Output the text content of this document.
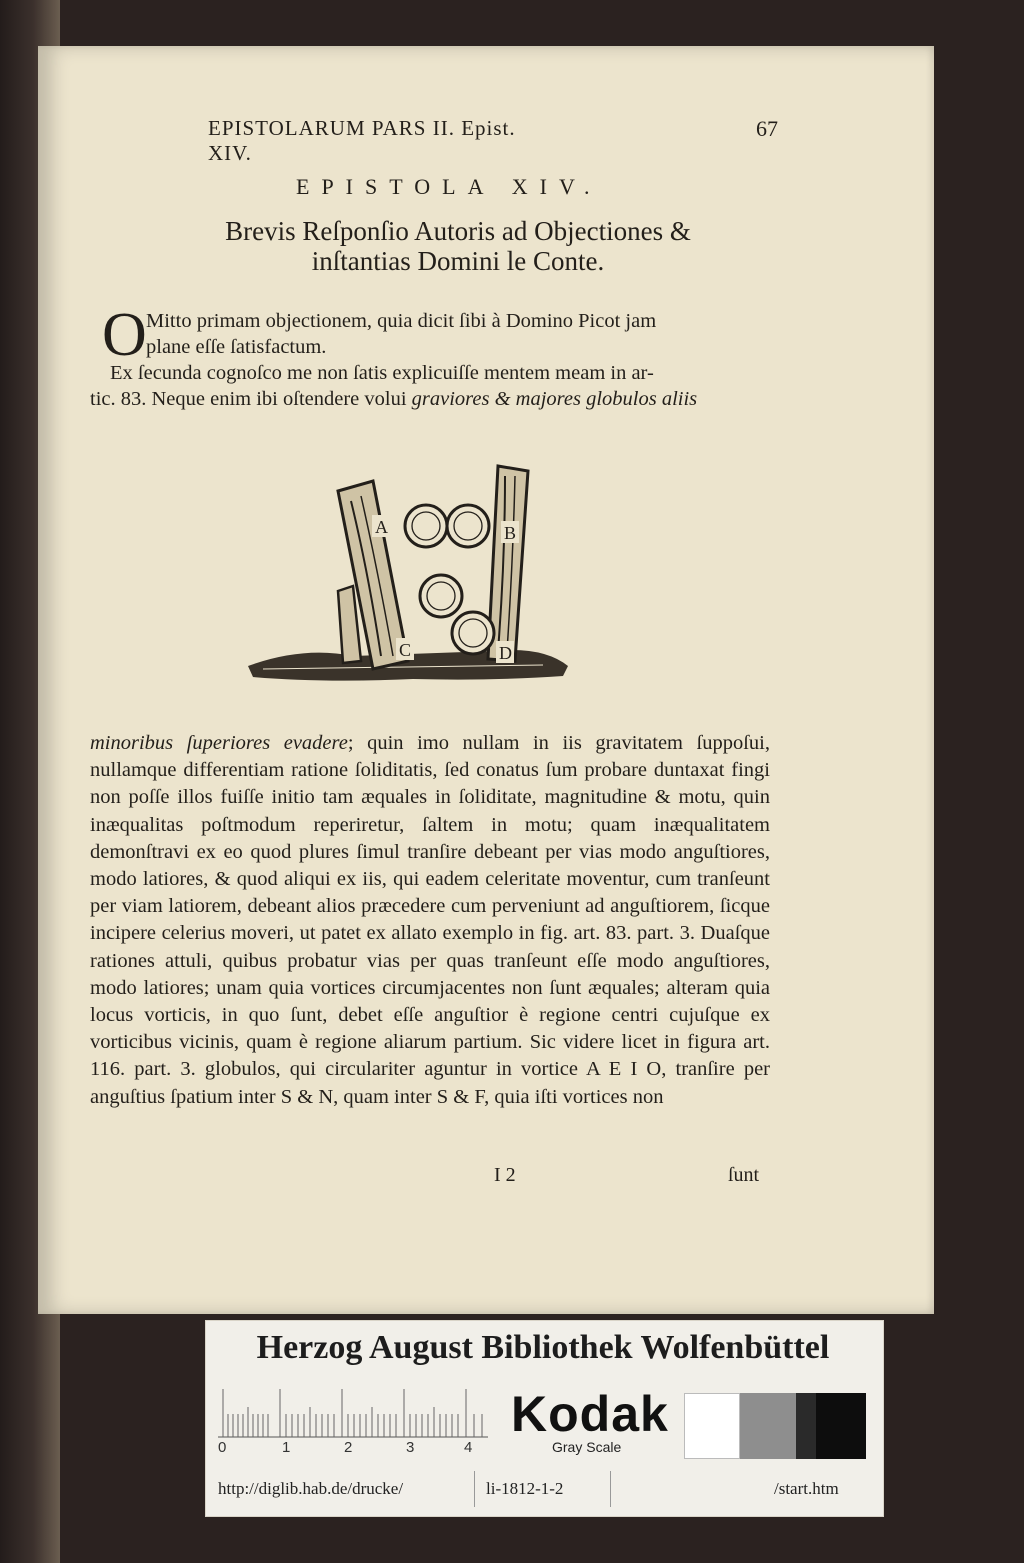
EPISTOLARUM PARS II. Epist. XIV.
67
EPISTOLA XIV.
Brevis Reſponſio Autoris ad Objectiones &
inſtantias Domini le Conte.
O Mitto primam objectionem, quia dicit ſibi à Domino Picot jam
plane eſſe ſatisfactum.
Ex ſecunda cognoſco me non ſatis explicuiſſe mentem meam in ar-
tic. 83. Neque enim ibi oſtendere volui graviores & majores globulos aliis
A	B
C	D
minoribus ſuperiores evadere; quin imo nullam in iis gravitatem ſuppoſui, nullamque differentiam ratione ſoliditatis, ſed conatus ſum probare duntaxat fingi non poſſe illos fuiſſe initio tam æquales in ſoliditate, magnitudine & motu, quin inæqualitas poſtmodum reperiretur, ſaltem in motu; quam inæqualitatem demonſtravi ex eo quod plures ſimul tranſire debeant per vias modo anguſtiores, modo latiores, & quod aliqui ex iis, qui eadem celeritate moventur, cum tranſeunt per viam latiorem, debeant alios præcedere cum perveniunt ad anguſtiorem, ſicque incipere celerius moveri, ut patet ex allato exemplo in fig. art. 83. part. 3. Duaſque rationes attuli, quibus probatur vias per quas tranſeunt eſſe modo anguſtiores, modo latiores; unam quia vortices circumjacentes non ſunt æquales; alteram quia locus vorticis, in quo ſunt, debet eſſe anguſtior è regione centri cujuſque ex vorticibus vicinis, quam è regione aliarum partium. Sic videre licet in figura art. 116. part. 3. globulos, qui circulariter aguntur in vortice A E I O, tranſire per anguſtius ſpatium inter S & N, quam inter S & F, quia iſti vortices non
I 2	ſunt
Herzog August Bibliothek Wolfenbüttel
0	1	2	3	4
Kodak
Gray Scale
http://diglib.hab.de/drucke/	li-1812-1-2	/start.htm
